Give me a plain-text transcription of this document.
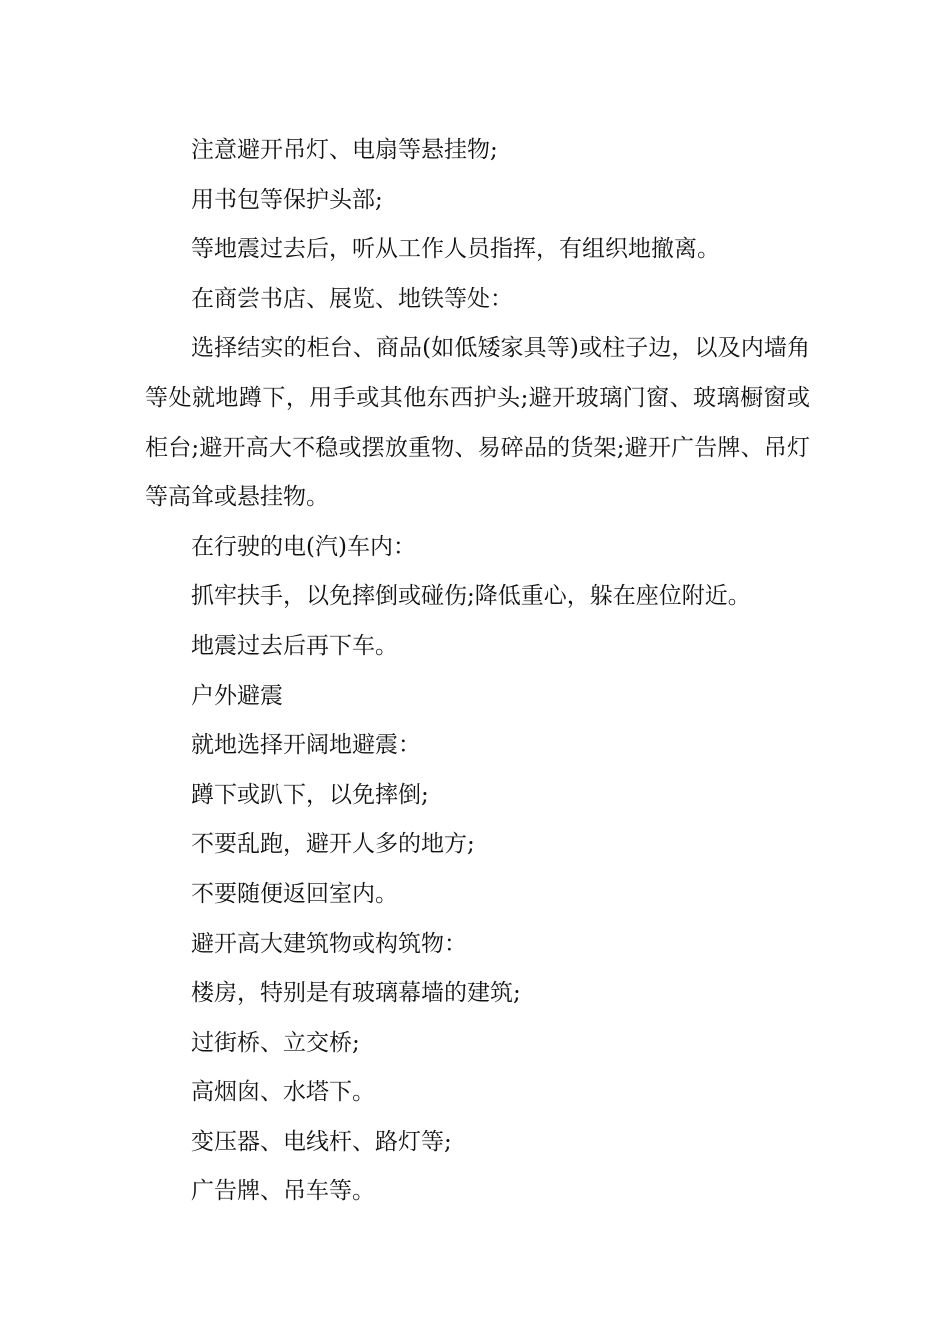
注意避开吊灯、电扇等悬挂物;

用书包等保护头部;

等地震过去后，听从工作人员指挥，有组织地撤离。

在商尝书店、展览、地铁等处：

选择结实的柜台、商品(如低矮家具等)或柱子边，以及内墙角等处就地蹲下，用手或其他东西护头;避开玻璃门窗、玻璃橱窗或柜台;避开高大不稳或摆放重物、易碎品的货架;避开广告牌、吊灯等高耸或悬挂物。

在行驶的电(汽)车内：

抓牢扶手，以免摔倒或碰伤;降低重心，躲在座位附近。

地震过去后再下车。

户外避震

就地选择开阔地避震：

蹲下或趴下，以免摔倒;

不要乱跑，避开人多的地方;

不要随便返回室内。

避开高大建筑物或构筑物：

楼房，特别是有玻璃幕墙的建筑;

过街桥、立交桥;

高烟囱、水塔下。

变压器、电线杆、路灯等;

广告牌、吊车等。
